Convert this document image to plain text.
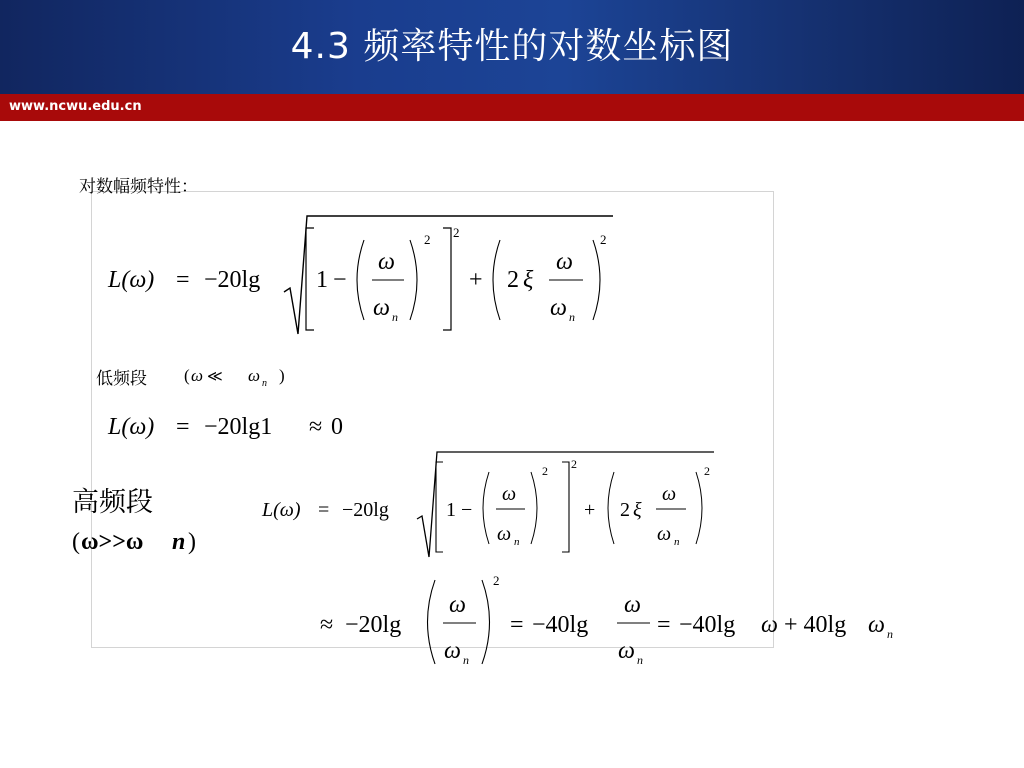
4.3 频率特性的对数坐标图
www.ncwu.edu.cn
对数幅频特性：
低频段
高频段
L(ω) = −20lg
2
1 −
ω
ω n
2
+ 2 ξ
ω
ω n
2
( ω ≪ ω n )
L(ω) = −20lg1 ≈ 0
( ω>>ω n )
L(ω) = −20lg
2
1 −
ω
ω n
2
+ 2 ξ
ω
ω n
2
≈ −20lg
ω
ω n
2
= −40lg
ω
ω n
= −40lg ω + 40lg ω n
